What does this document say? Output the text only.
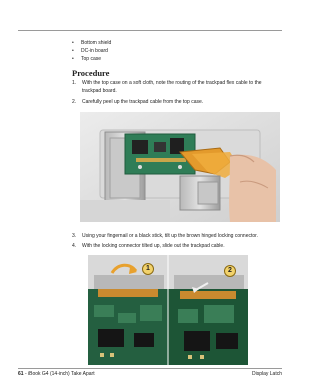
• Bottom shield
• DC-in board
• Top case
Procedure
1. With the top case on a soft cloth, note the routing of the trackpad flex cable to the trackpad board.
2. Carefully peel up the trackpad cable from the top case.
3. Using your fingernail or a black stick, tilt up the brown hinged locking connector.
4. With the locking connector tilted up, slide out the trackpad cable.
1	2
61 - iBook G4 (14-inch) Take Apart	Display Latch
